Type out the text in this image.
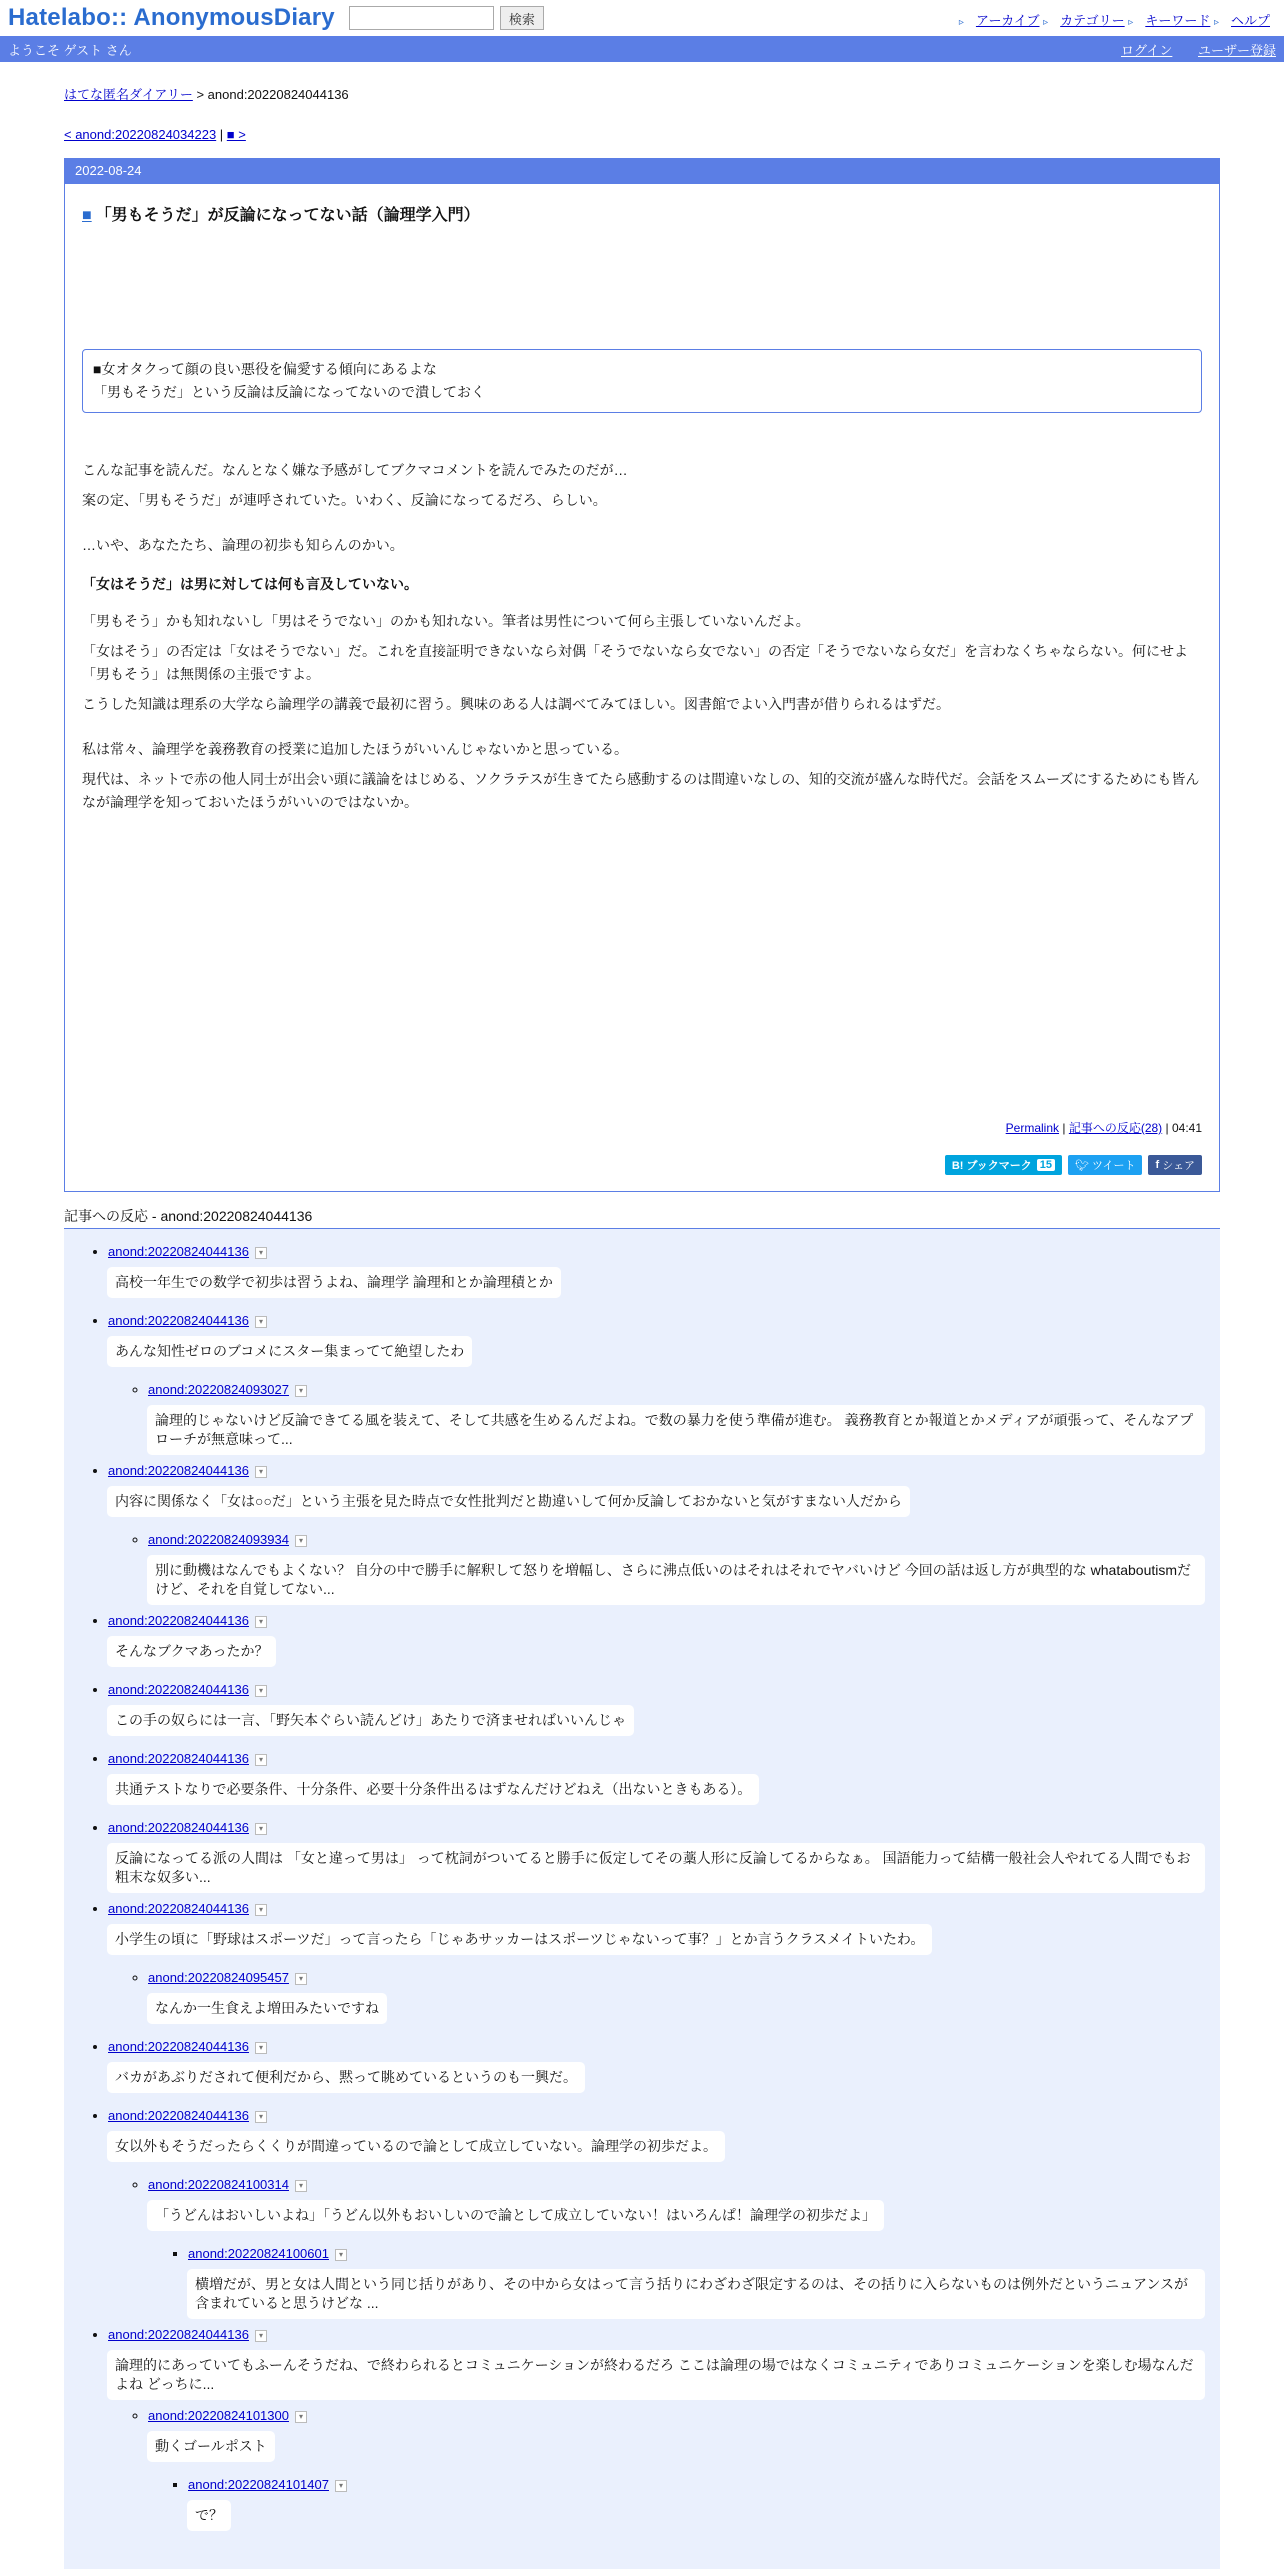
Hatelabo:: AnonymousDiary	検索	▹ アーカイブ ▹ カテゴリー ▹ キーワード ▹ ヘルプ
ようこそ ゲスト さん	ログイン ユーザー登録
はてな匿名ダイアリー > anond:20220824044136
< anond:20220824034223 | ■ >
2022-08-24
■ 「男もそうだ」が反論になってない話（論理学入門）
■女オタクって顔の良い悪役を偏愛する傾向にあるよな
「男もそうだ」という反論は反論になってないので潰しておく

こんな記事を読んだ。なんとなく嫌な予感がしてブクマコメントを読んでみたのだが…

案の定、「男もそうだ」が連呼されていた。いわく、反論になってるだろ、らしい。

…いや、あなたたち、論理の初歩も知らんのかい。

「女はそうだ」は男に対しては何も言及していない。

「男もそう」かも知れないし「男はそうでない」のかも知れない。筆者は男性について何ら主張していないんだよ。

「女はそう」の否定は「女はそうでない」だ。これを直接証明できないなら対偶「そうでないなら女でない」の否定「そうでないなら女だ」を言わなくちゃならない。何にせよ「男もそう」は無関係の主張ですよ。

こうした知識は理系の大学なら論理学の講義で最初に習う。興味のある人は調べてみてほしい。図書館でよい入門書が借りられるはずだ。

私は常々、論理学を義務教育の授業に追加したほうがいいんじゃないかと思っている。

現代は、ネットで赤の他人同士が出会い頭に議論をはじめる、ソクラテスが生きてたら感動するのは間違いなしの、知的交流が盛んな時代だ。会話をスムーズにするためにも皆んなが論理学を知っておいたほうがいいのではないか。

Permalink | 記事への反応(28) | 04:41
B! ブックマーク 15 🐦︎ ツイート f シェア
記事への反応 - anond:20220824044136
• anond:20220824044136 ▾
高校一年生での数学で初歩は習うよね、論理学 論理和とか論理積とか
• anond:20220824044136 ▾
あんな知性ゼロのブコメにスター集まってて絶望したわ
◦ anond:20220824093027 ▾
論理的じゃないけど反論できてる風を装えて、そして共感を生めるんだよね。で数の暴力を使う準備が進む。 義務教育とか報道とかメディアが頑張って、そんなアプローチが無意味って...
• anond:20220824044136 ▾
内容に関係なく「女は○○だ」という主張を見た時点で女性批判だと勘違いして何か反論しておかないと気がすまない人だから
◦ anond:20220824093934 ▾
別に動機はなんでもよくない？ 自分の中で勝手に解釈して怒りを増幅し、さらに沸点低いのはそれはそれでヤバいけど 今回の話は返し方が典型的な whataboutismだけど、それを自覚してない...
• anond:20220824044136 ▾
そんなブクマあったか？
• anond:20220824044136 ▾
この手の奴らには一言、「野矢本ぐらい読んどけ」あたりで済ませればいいんじゃ
• anond:20220824044136 ▾
共通テストなりで必要条件、十分条件、必要十分条件出るはずなんだけどねえ（出ないときもある）。
• anond:20220824044136 ▾
反論になってる派の人間は 「女と違って男は」 って枕詞がついてると勝手に仮定してその藁人形に反論してるからなぁ。 国語能力って結構一般社会人やれてる人間でもお粗末な奴多い...
• anond:20220824044136 ▾
小学生の頃に「野球はスポーツだ」って言ったら「じゃあサッカーはスポーツじゃないって事？」とか言うクラスメイトいたわ。
◦ anond:20220824095457 ▾
なんか一生食えよ増田みたいですね
• anond:20220824044136 ▾
バカがあぶりだされて便利だから、黙って眺めているというのも一興だ。
• anond:20220824044136 ▾
女以外もそうだったらくくりが間違っているので論として成立していない。論理学の初歩だよ。
◦ anond:20220824100314 ▾
「うどんはおいしいよね」「うどん以外もおいしいので論として成立していない！はいろんぱ！論理学の初歩だよ」
▪ anond:20220824100601 ▾
横増だが、男と女は人間という同じ括りがあり、その中から女はって言う括りにわざわざ限定するのは、その括りに入らないものは例外だというニュアンスが含まれていると思うけどな ...
• anond:20220824044136 ▾
論理的にあっていてもふーんそうだね、で終わられるとコミュニケーションが終わるだろ ここは論理の場ではなくコミュニティでありコミュニケーションを楽しむ場なんだよね どっちに...
◦ anond:20220824101300 ▾
動くゴールポスト
▪ anond:20220824101407 ▾
で？
